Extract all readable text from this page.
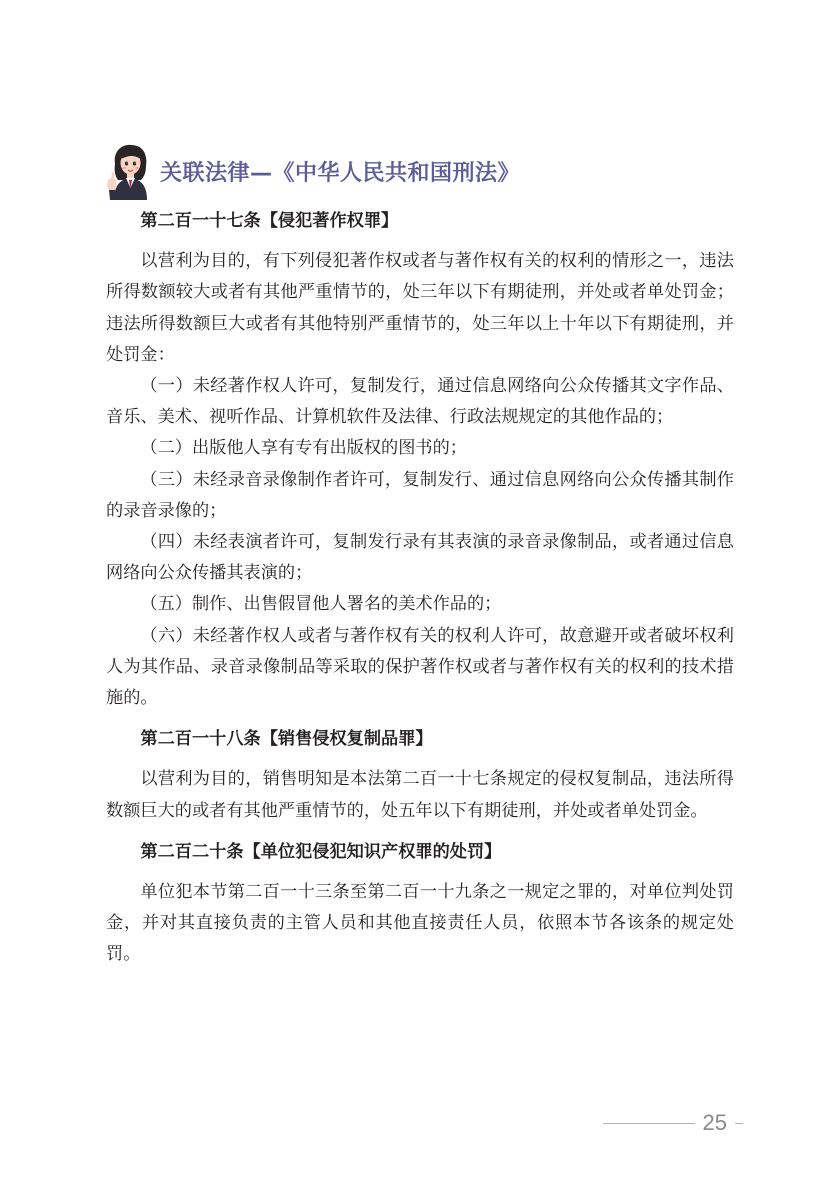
关联法律—《中华人民共和国刑法》

第二百一十七条【侵犯著作权罪】

以营利为目的，有下列侵犯著作权或者与著作权有关的权利的情形之一，违法所得数额较大或者有其他严重情节的，处三年以下有期徒刑，并处或者单处罚金；违法所得数额巨大或者有其他特别严重情节的，处三年以上十年以下有期徒刑，并处罚金：

（一）未经著作权人许可，复制发行，通过信息网络向公众传播其文字作品、音乐、美术、视听作品、计算机软件及法律、行政法规规定的其他作品的；

（二）出版他人享有专有出版权的图书的；

（三）未经录音录像制作者许可，复制发行、通过信息网络向公众传播其制作的录音录像的；

（四）未经表演者许可，复制发行录有其表演的录音录像制品，或者通过信息网络向公众传播其表演的；

（五）制作、出售假冒他人署名的美术作品的；

（六）未经著作权人或者与著作权有关的权利人许可，故意避开或者破坏权利人为其作品、录音录像制品等采取的保护著作权或者与著作权有关的权利的技术措施的。

第二百一十八条【销售侵权复制品罪】

以营利为目的，销售明知是本法第二百一十七条规定的侵权复制品，违法所得数额巨大的或者有其他严重情节的，处五年以下有期徒刑，并处或者单处罚金。

第二百二十条【单位犯侵犯知识产权罪的处罚】

单位犯本节第二百一十三条至第二百一十九条之一规定之罪的，对单位判处罚金，并对其直接负责的主管人员和其他直接责任人员，依照本节各该条的规定处罚。

25
